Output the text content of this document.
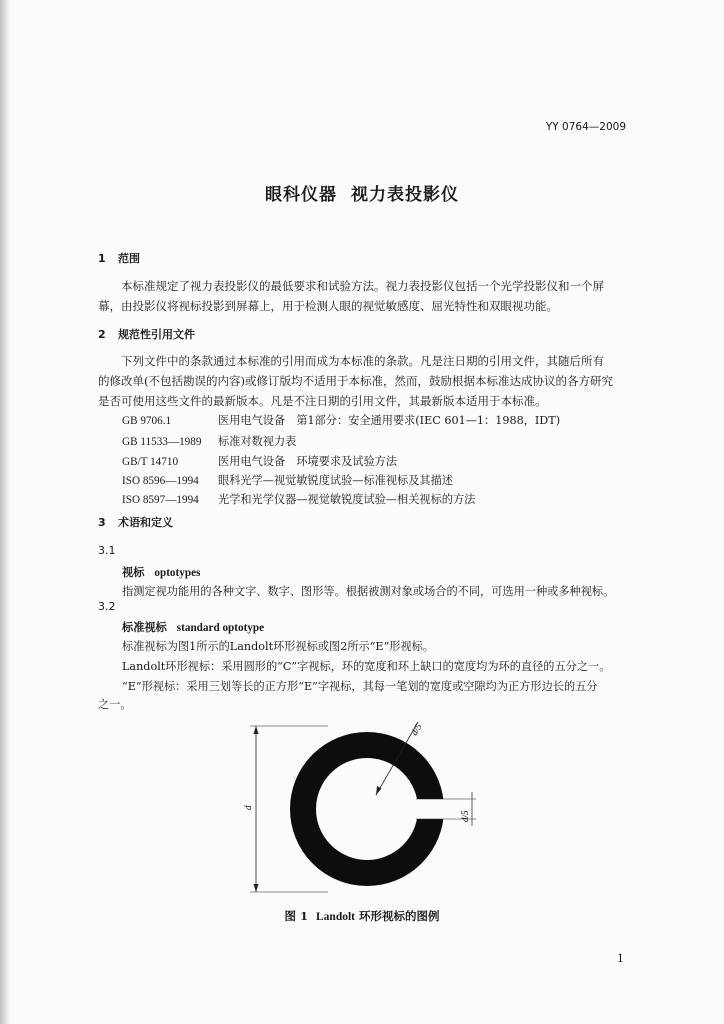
YY 0764—2009
眼科仪器 视力表投影仪
1 范围
本标准规定了视力表投影仪的最低要求和试验方法。视力表投影仪包括一个光学投影仪和一个屏
幕，由投影仪将视标投影到屏幕上，用于检测人眼的视觉敏感度、屈光特性和双眼视功能。
2 规范性引用文件
下列文件中的条款通过本标准的引用而成为本标准的条款。凡是注日期的引用文件，其随后所有
的修改单(不包括勘误的内容)或修订版均不适用于本标准，然而，鼓励根据本标准达成协议的各方研究
是否可使用这些文件的最新版本。凡是不注日期的引用文件，其最新版本适用于本标准。
GB 9706.1	医用电气设备　第1部分：安全通用要求(IEC 601—1：1988，IDT)
GB 11533—1989 标准对数视力表
GB/T 14710	医用电气设备　环境要求及试验方法
ISO 8596—1994 眼科光学—视觉敏锐度试验—标准视标及其描述
ISO 8597—1994 光学和光学仪器—视觉敏锐度试验—相关视标的方法
3 术语和定义
3.1
视标 optotypes
指测定视功能用的各种文字、数字、图形等。根据被测对象或场合的不同，可选用一种或多种视标。
3.2
标准视标 standard optotype
标准视标为图1所示的Landolt环形视标或图2所示“E”形视标。
Landolt环形视标：采用圆形的“C”字视标，环的宽度和环上缺口的宽度均为环的直径的五分之一。
“E”形视标：采用三划等长的正方形“E”字视标，其每一笔划的宽度或空隙均为正方形边长的五分
之一。
d
d/5
d/5
图 1 Landolt 环形视标的图例
1
